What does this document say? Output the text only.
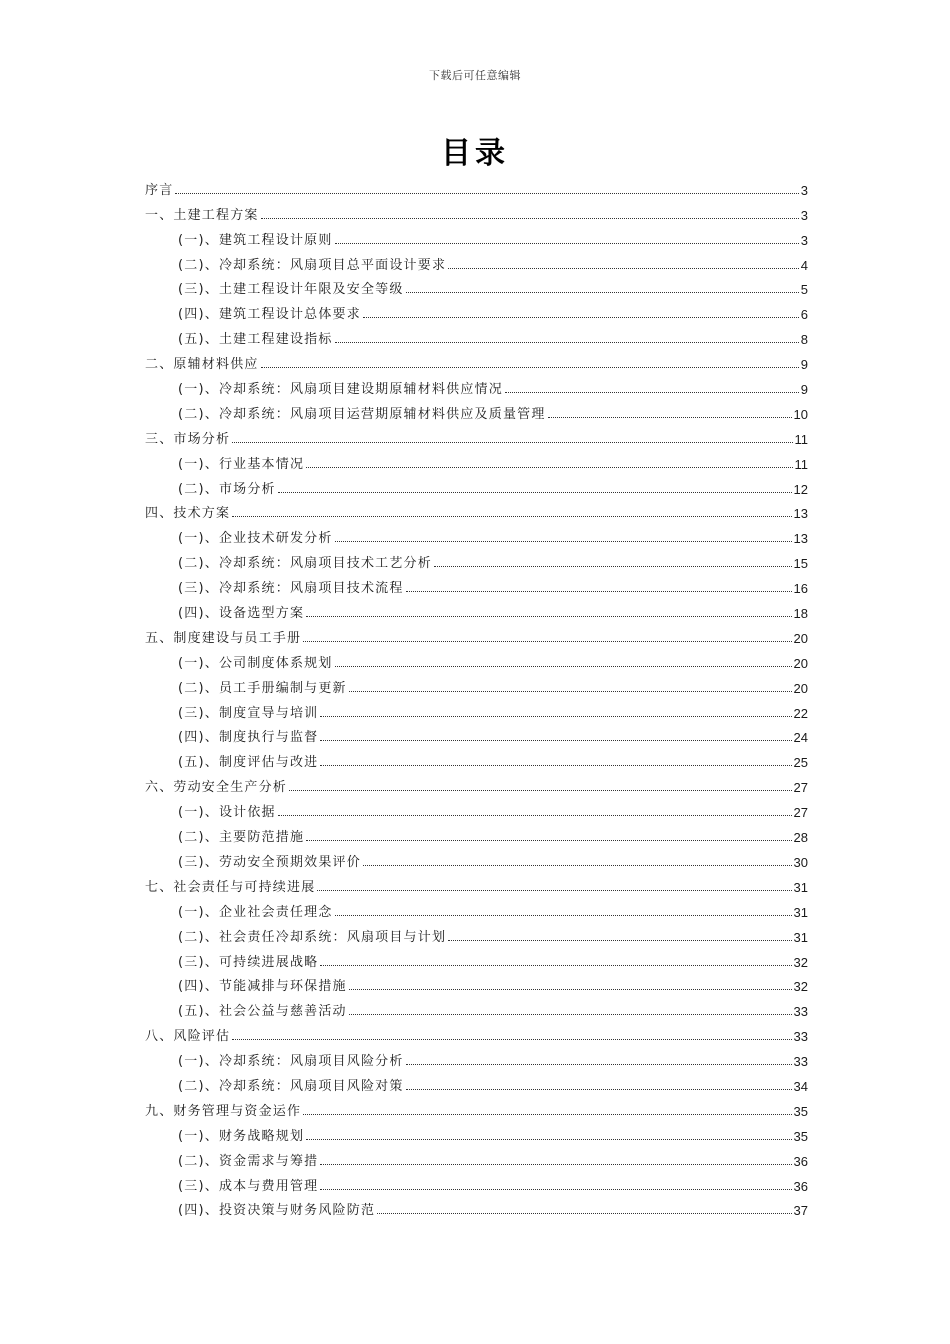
下载后可任意编辑
目录
序言	3
一、土建工程方案	3
(一)、建筑工程设计原则	3
(二)、冷却系统：风扇项目总平面设计要求	4
(三)、土建工程设计年限及安全等级	5
(四)、建筑工程设计总体要求	6
(五)、土建工程建设指标	8
二、原辅材料供应	9
(一)、冷却系统：风扇项目建设期原辅材料供应情况	9
(二)、冷却系统：风扇项目运营期原辅材料供应及质量管理	10
三、市场分析	11
(一)、行业基本情况	11
(二)、市场分析	12
四、技术方案	13
(一)、企业技术研发分析	13
(二)、冷却系统：风扇项目技术工艺分析	15
(三)、冷却系统：风扇项目技术流程	16
(四)、设备选型方案	18
五、制度建设与员工手册	20
(一)、公司制度体系规划	20
(二)、员工手册编制与更新	20
(三)、制度宣导与培训	22
(四)、制度执行与监督	24
(五)、制度评估与改进	25
六、劳动安全生产分析	27
(一)、设计依据	27
(二)、主要防范措施	28
(三)、劳动安全预期效果评价	30
七、社会责任与可持续进展	31
(一)、企业社会责任理念	31
(二)、社会责任冷却系统：风扇项目与计划	31
(三)、可持续进展战略	32
(四)、节能减排与环保措施	32
(五)、社会公益与慈善活动	33
八、风险评估	33
(一)、冷却系统：风扇项目风险分析	33
(二)、冷却系统：风扇项目风险对策	34
九、财务管理与资金运作	35
(一)、财务战略规划	35
(二)、资金需求与筹措	36
(三)、成本与费用管理	36
(四)、投资决策与财务风险防范	37
